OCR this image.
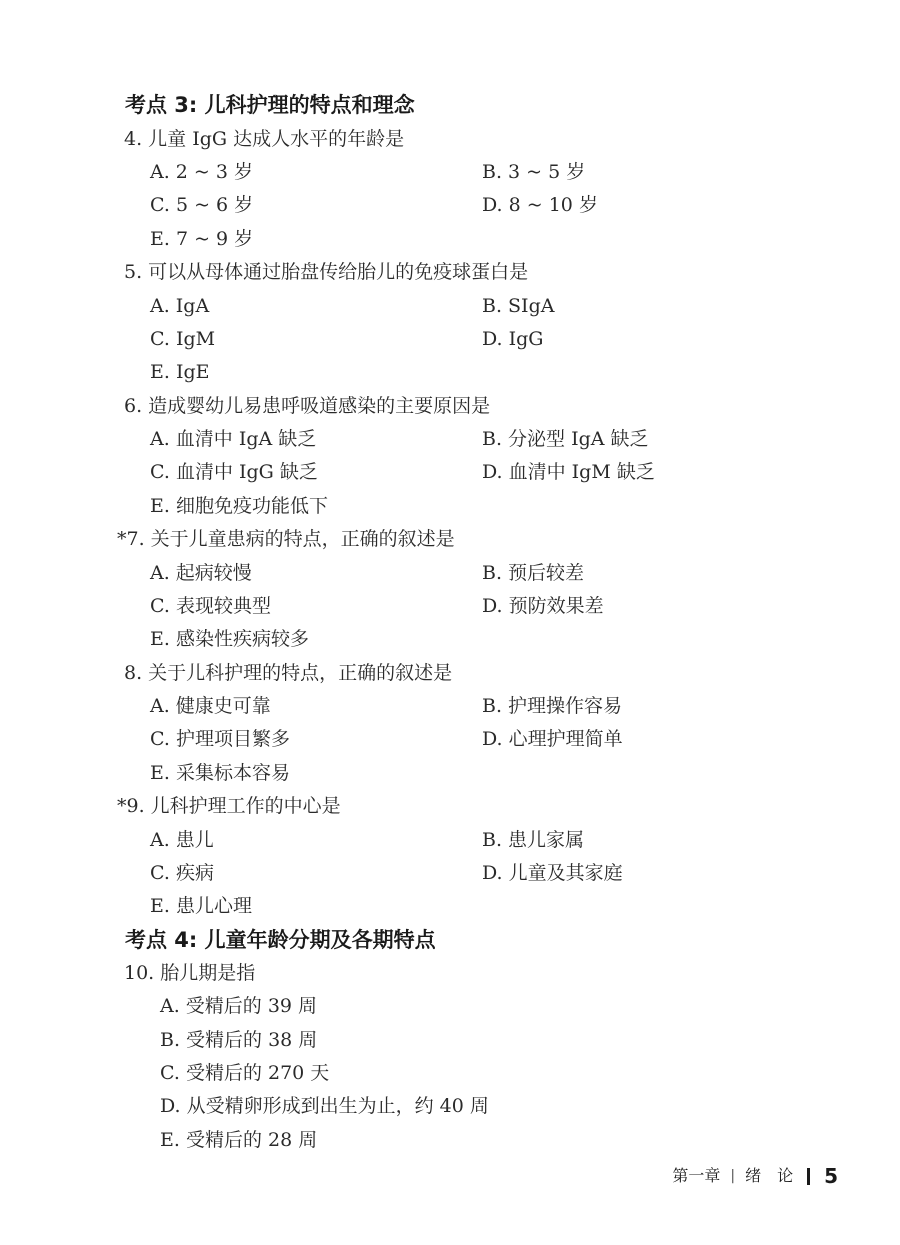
考点 3: 儿科护理的特点和理念
4. 儿童 IgG 达成人水平的年龄是
A. 2 ~ 3 岁	B. 3 ~ 5 岁
C. 5 ~ 6 岁	D. 8 ~ 10 岁
E. 7 ~ 9 岁
5. 可以从母体通过胎盘传给胎儿的免疫球蛋白是
A. IgA	B. SIgA
C. IgM	D. IgG
E. IgE
6. 造成婴幼儿易患呼吸道感染的主要原因是
A. 血清中 IgA 缺乏	B. 分泌型 IgA 缺乏
C. 血清中 IgG 缺乏	D. 血清中 IgM 缺乏
E. 细胞免疫功能低下
*7. 关于儿童患病的特点，正确的叙述是
A. 起病较慢	B. 预后较差
C. 表现较典型	D. 预防效果差
E. 感染性疾病较多
8. 关于儿科护理的特点，正确的叙述是
A. 健康史可靠	B. 护理操作容易
C. 护理项目繁多	D. 心理护理简单
E. 采集标本容易
*9. 儿科护理工作的中心是
A. 患儿	B. 患儿家属
C. 疾病	D. 儿童及其家庭
E. 患儿心理
考点 4: 儿童年龄分期及各期特点
10. 胎儿期是指
A. 受精后的 39 周
B. 受精后的 38 周
C. 受精后的 270 天
D. 从受精卵形成到出生为止，约 40 周
E. 受精后的 28 周
第一章 | 绪　论 5
